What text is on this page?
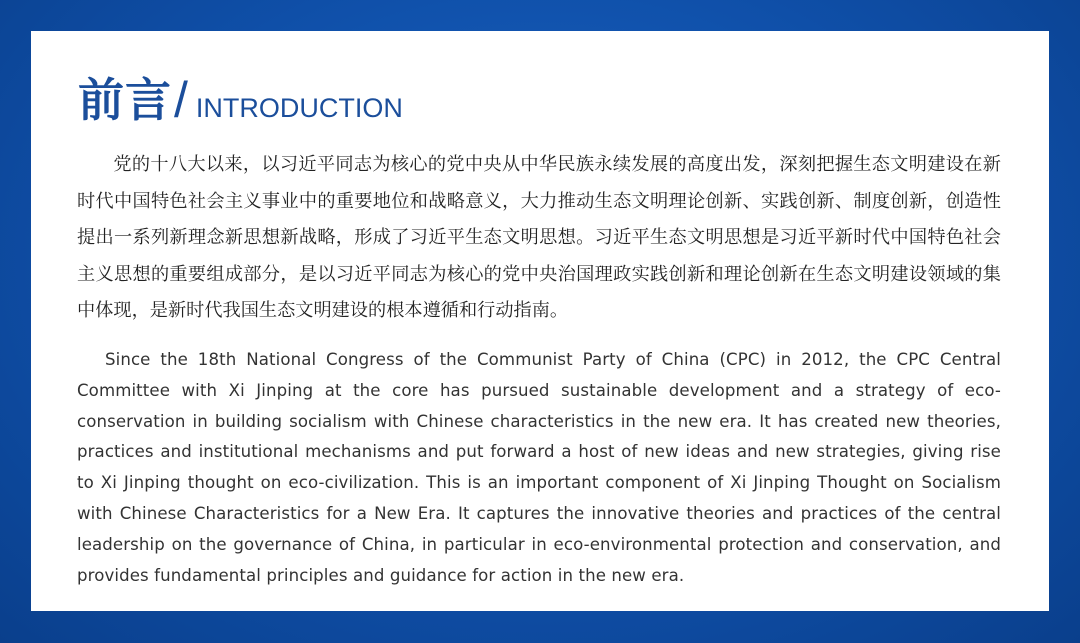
前言 / INTRODUCTION

党的十八大以来，以习近平同志为核心的党中央从中华民族永续发展的高度出发，深刻把握生态文明建设在新时代中国特色社会主义事业中的重要地位和战略意义，大力推动生态文明理论创新、实践创新、制度创新，创造性提出一系列新理念新思想新战略，形成了习近平生态文明思想。习近平生态文明思想是习近平新时代中国特色社会主义思想的重要组成部分，是以习近平同志为核心的党中央治国理政实践创新和理论创新在生态文明建设领域的集中体现，是新时代我国生态文明建设的根本遵循和行动指南。

Since the 18th National Congress of the Communist Party of China (CPC) in 2012, the CPC Central Committee with Xi Jinping at the core has pursued sustainable development and a strategy of eco-conservation in building socialism with Chinese characteristics in the new era. It has created new theories, practices and institutional mechanisms and put forward a host of new ideas and new strategies, giving rise to Xi Jinping thought on eco-civilization. This is an important component of Xi Jinping Thought on Socialism with Chinese Characteristics for a New Era. It captures the innovative theories and practices of the central leadership on the governance of China, in particular in eco-environmental protection and conservation, and provides fundamental principles and guidance for action in the new era.
